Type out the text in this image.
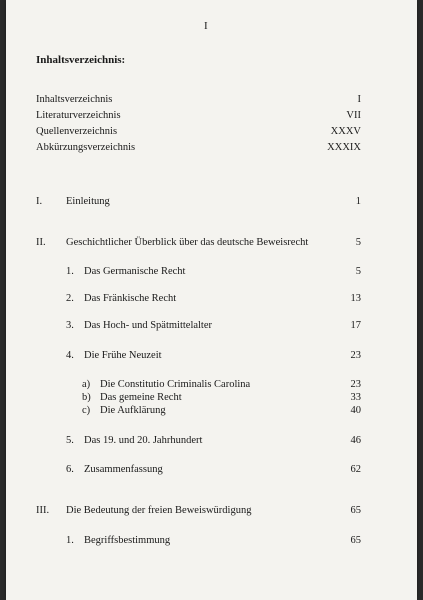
I
Inhaltsverzeichnis:
Inhaltsverzeichnis	I
Literaturverzeichnis	VII
Quellenverzeichnis	XXXV
Abkürzungsverzeichnis	XXXIX
I. Einleitung	1
II. Geschichtlicher Überblick über das deutsche Beweisrecht	5
1. Das Germanische Recht	5
2. Das Fränkische Recht	13
3. Das Hoch- und Spätmittelalter	17
4. Die Frühe Neuzeit	23
a) Die Constitutio Criminalis Carolina	23
b) Das gemeine Recht	33
c) Die Aufklärung	40
5. Das 19. und 20. Jahrhundert	46
6. Zusammenfassung	62
III. Die Bedeutung der freien Beweiswürdigung	65
1. Begriffsbestimmung	65
